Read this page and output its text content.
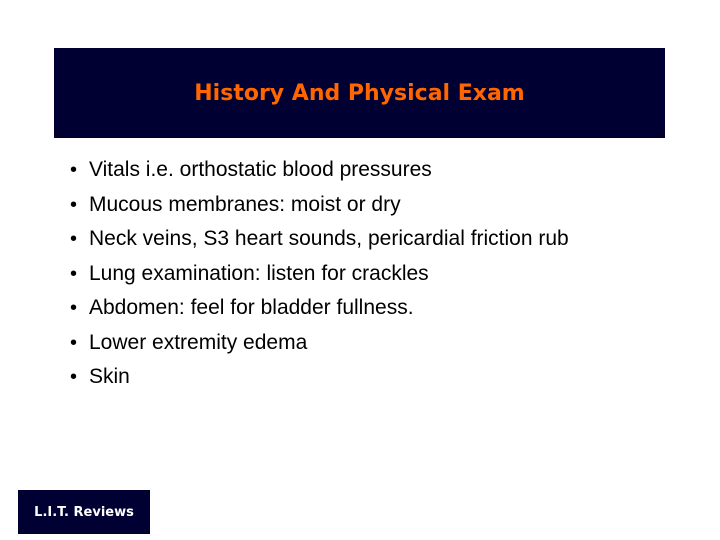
History And Physical Exam
• Vitals i.e. orthostatic blood pressures
• Mucous membranes: moist or dry
• Neck veins, S3 heart sounds, pericardial friction rub
• Lung examination: listen for crackles
• Abdomen: feel for bladder fullness.
• Lower extremity edema
• Skin
L.I.T. Reviews
